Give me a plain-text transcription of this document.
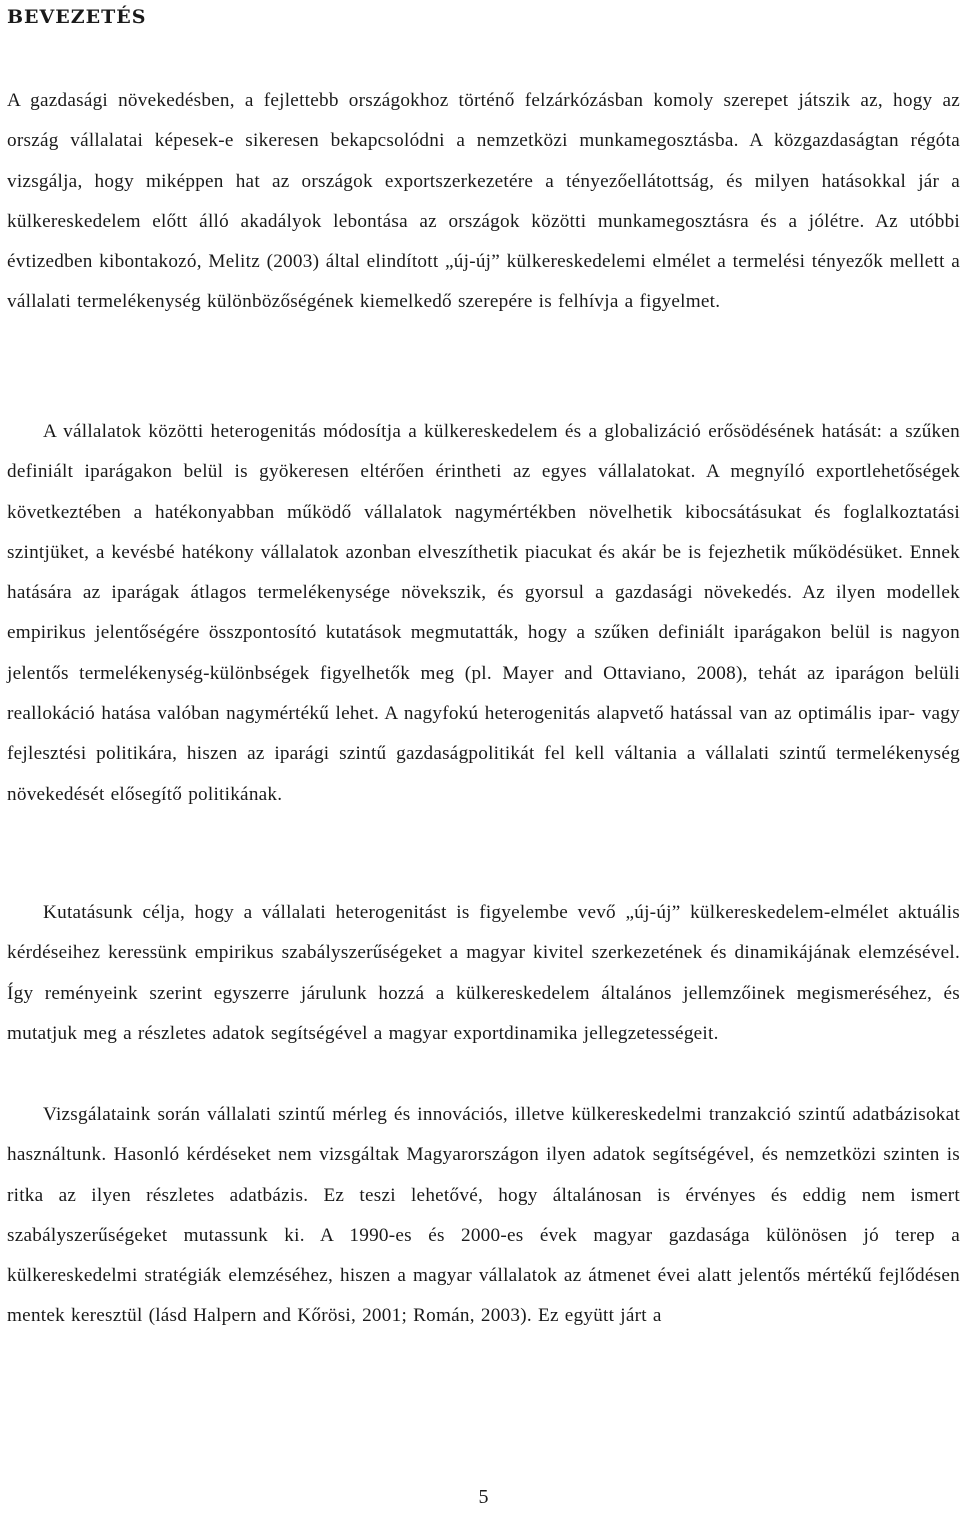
BEVEZETÉS

A gazdasági növekedésben, a fejlettebb országokhoz történő felzárkózásban komoly szerepet játszik az, hogy az ország vállalatai képesek-e sikeresen bekapcsolódni a nemzetközi munkamegosztásba. A közgazdaságtan régóta vizsgálja, hogy miképpen hat az országok exportszerkezetére a tényezőellátottság, és milyen hatásokkal jár a külkereskedelem előtt álló akadályok lebontása az országok közötti munkamegosztásra és a jólétre. Az utóbbi évtizedben kibontakozó, Melitz (2003) által elindított „új-új” külkereskedelemi elmélet a termelési tényezők mellett a vállalati termelékenység különbözőségének kiemelkedő szerepére is felhívja a figyelmet.

A vállalatok közötti heterogenitás módosítja a külkereskedelem és a globalizáció erősödésének hatását: a szűken definiált iparágakon belül is gyökeresen eltérően érintheti az egyes vállalatokat. A megnyíló exportlehetőségek következtében a hatékonyabban működő vállalatok nagymértékben növelhetik kibocsátásukat és foglalkoztatási szintjüket, a kevésbé hatékony vállalatok azonban elveszíthetik piacukat és akár be is fejezhetik működésüket. Ennek hatására az iparágak átlagos termelékenysége növekszik, és gyorsul a gazdasági növekedés. Az ilyen modellek empirikus jelentőségére összpontosító kutatások megmutatták, hogy a szűken definiált iparágakon belül is nagyon jelentős termelékenység-különbségek figyelhetők meg (pl. Mayer and Ottaviano, 2008), tehát az iparágon belüli reallokáció hatása valóban nagymértékű lehet. A nagyfokú heterogenitás alapvető hatással van az optimális ipar- vagy fejlesztési politikára, hiszen az iparági szintű gazdaságpolitikát fel kell váltania a vállalati szintű termelékenység növekedését elősegítő politikának.

Kutatásunk célja, hogy a vállalati heterogenitást is figyelembe vevő „új-új” külkereskedelem-elmélet aktuális kérdéseihez keressünk empirikus szabályszerűségeket a magyar kivitel szerkezetének és dinamikájának elemzésével. Így reményeink szerint egyszerre járulunk hozzá a külkereskedelem általános jellemzőinek megismeréséhez, és mutatjuk meg a részletes adatok segítségével a magyar exportdinamika jellegzetességeit.

Vizsgálataink során vállalati szintű mérleg és innovációs, illetve külkereskedelmi tranzakció szintű adatbázisokat használtunk. Hasonló kérdéseket nem vizsgáltak Magyarországon ilyen adatok segítségével, és nemzetközi szinten is ritka az ilyen részletes adatbázis. Ez teszi lehetővé, hogy általánosan is érvényes és eddig nem ismert szabályszerűségeket mutassunk ki. A 1990-es és 2000-es évek magyar gazdasága különösen jó terep a külkereskedelmi stratégiák elemzéséhez, hiszen a magyar vállalatok az átmenet évei alatt jelentős mértékű fejlődésen mentek keresztül (lásd Halpern and Kőrösi, 2001; Román, 2003). Ez együtt járt a

5
